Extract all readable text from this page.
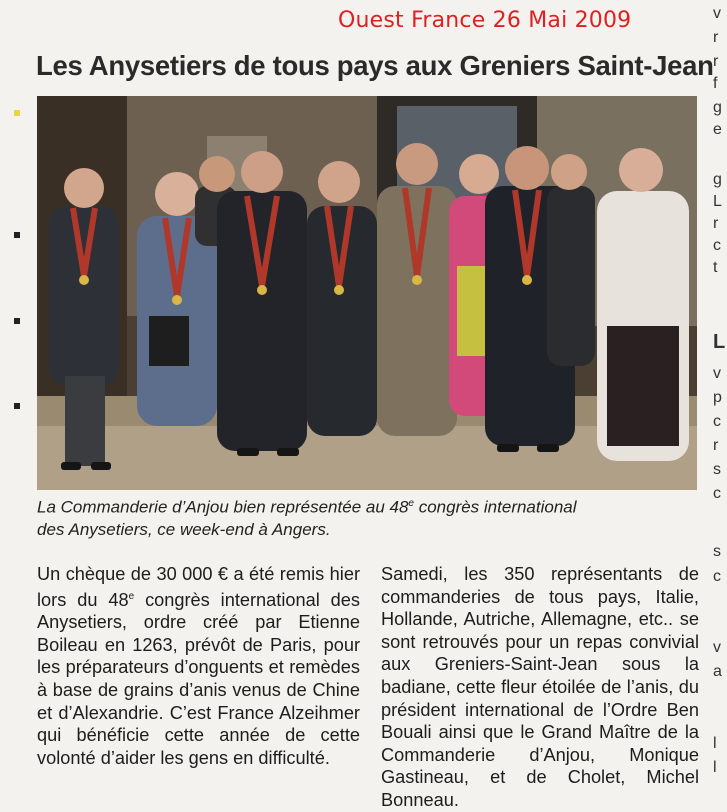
Ouest France 26 Mai 2009
Les Anysetiers de tous pays aux Greniers Saint-Jean
La Commanderie d’Anjou bien représentée au 48e congrès international
des Anysetiers, ce week-end à Angers.

Un chèque de 30 000 € a été remis hier lors du 48e congrès international des Anysetiers, ordre créé par Etienne Boileau en 1263, prévôt de Paris, pour les préparateurs d’onguents et remèdes à base de grains d’anis venus de Chine et d’Alexandrie. C’est France Alzeihmer qui bénéficie cette année de cette volonté d’aider les gens en difficulté.

Samedi, les 350 représentants de commanderies de tous pays, Italie, Hollande, Autriche, Allemagne, etc.. se sont retrouvés pour un repas convivial aux Greniers-Saint-Jean sous la badiane, cette fleur étoilée de l’anis, du président international de l’Ordre Ben Bouali ainsi que le Grand Maître de la Commanderie d’Anjou, Monique Gastineau, et de Cholet, Michel Bonneau.

v
r
r
f
g
e
g
L
r
c
t
L
v
p
c
r
s
c
s
c
v
a
l
l
